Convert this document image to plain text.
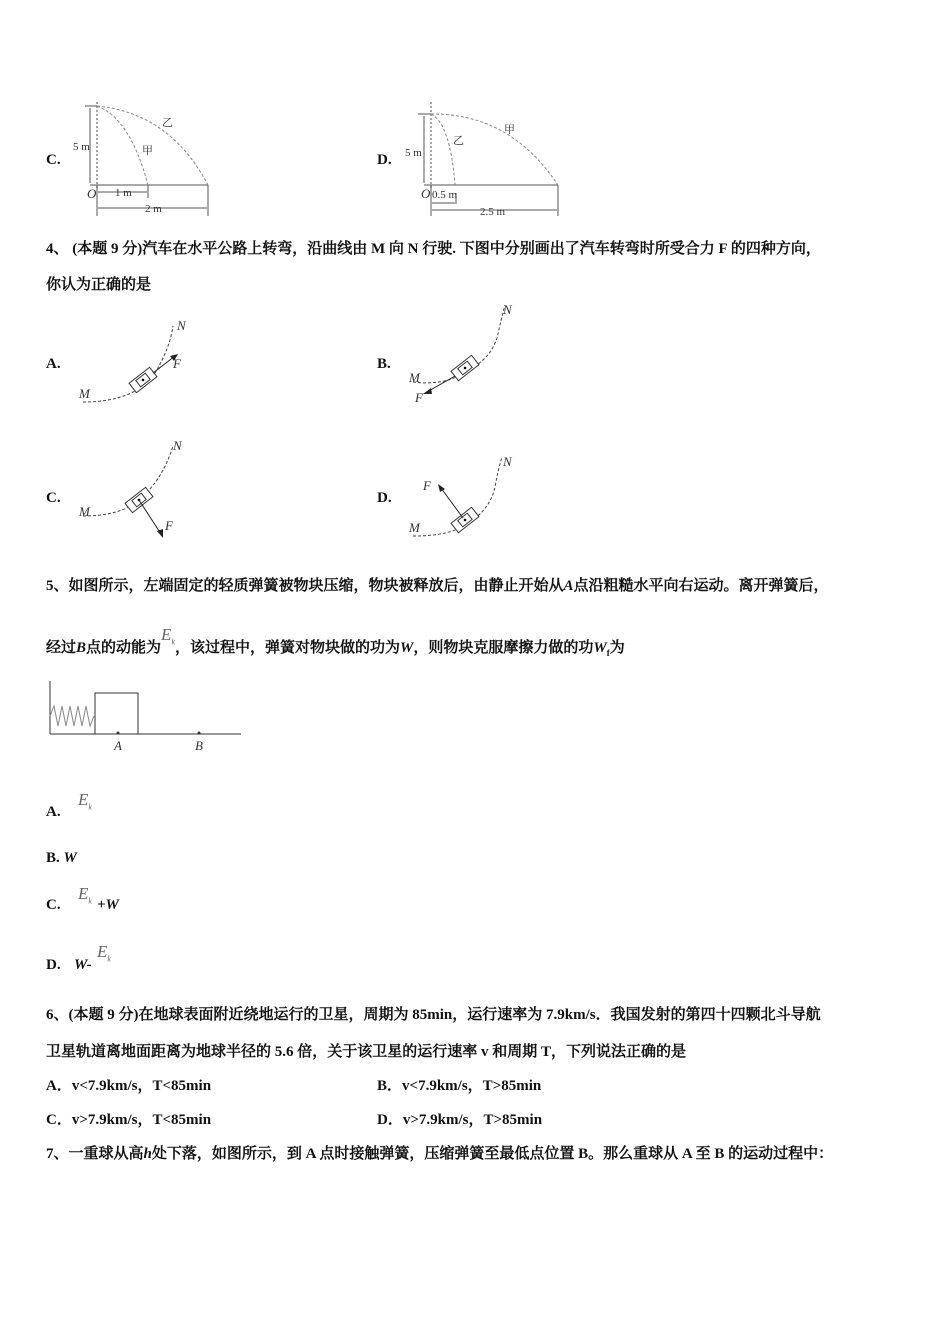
C.
5 m
O 1 m
2 m
甲
乙
D. 5 m
O 0.5 m
2.5 m
乙
甲
4、 (本题 9 分)汽车在水平公路上转弯，沿曲线由 M 向 N 行驶. 下图中分别画出了汽车转弯时所受合力 F 的四种方向，
你认为正确的是
A.
M
N
F	B.
M
N
F
C.
M
N
F
D.
M
N
F
5、如图所示，左端固定的轻质弹簧被物块压缩，物块被释放后，由静止开始从A点沿粗糙水平向右运动。离开弹簧后，
经过B点的动能为$E_k$，该过程中，弹簧对物块做的功为W，则物块克服摩擦力做的功$W_f$为
A	B
A.
$E_k$
B. W
C.
$E_k +W$
D. W-
$E_k$
6、(本题 9 分)在地球表面附近绕地运行的卫星，周期为 85min，运行速率为 7.9km/s．我国发射的第四十四颗北斗导航
卫星轨道离地面距离为地球半径的 5.6 倍，关于该卫星的运行速率 v 和周期 T，下列说法正确的是
A．v<7.9km/s，T<85min	B．v<7.9km/s，T>85min
C．v>7.9km/s，T<85min	D．v>7.9km/s，T>85min
7、一重球从高h处下落，如图所示，到 A 点时接触弹簧，压缩弹簧至最低点位置 B。那么重球从 A 至 B 的运动过程中：
